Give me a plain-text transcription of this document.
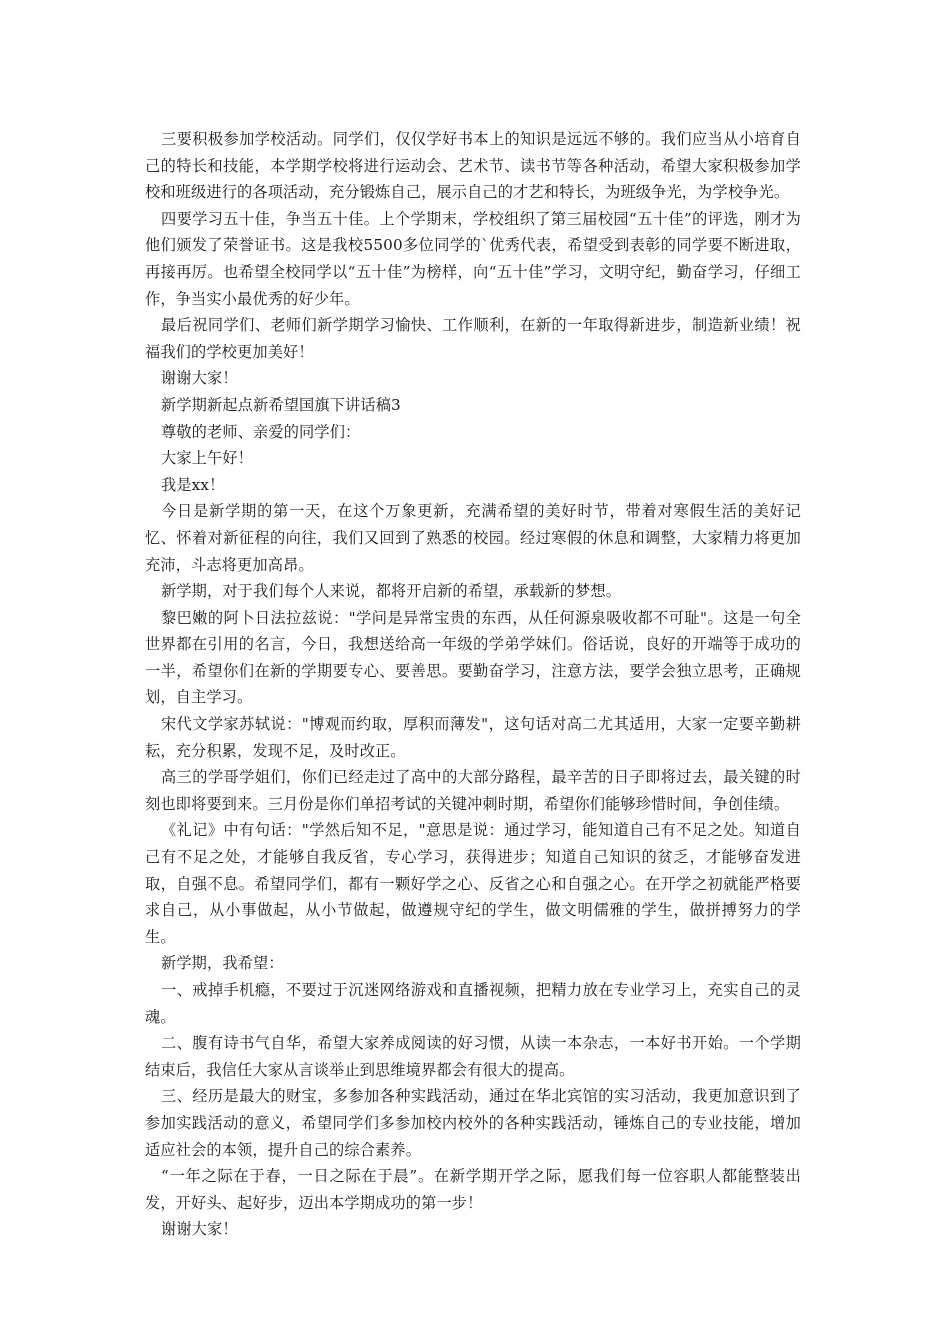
三要积极参加学校活动。同学们，仅仅学好书本上的知识是远远不够的。我们应当从小培育自己的特长和技能，本学期学校将进行运动会、艺术节、读书节等各种活动，希望大家积极参加学校和班级进行的各项活动，充分锻炼自己，展示自己的才艺和特长，为班级争光，为学校争光。

四要学习五十佳，争当五十佳。上个学期末，学校组织了第三届校园“五十佳”的评选，刚才为他们颁发了荣誉证书。这是我校5500多位同学的`优秀代表，希望受到表彰的同学要不断进取，再接再厉。也希望全校同学以“五十佳”为榜样，向“五十佳”学习，文明守纪，勤奋学习，仔细工作，争当实小最优秀的好少年。

最后祝同学们、老师们新学期学习愉快、工作顺利，在新的一年取得新进步，制造新业绩！祝福我们的学校更加美好！

谢谢大家！

新学期新起点新希望国旗下讲话稿3

尊敬的老师、亲爱的同学们：

大家上午好！

我是xx！

今日是新学期的第一天，在这个万象更新，充满希望的美好时节，带着对寒假生活的美好记忆、怀着对新征程的向往，我们又回到了熟悉的校园。经过寒假的休息和调整，大家精力将更加充沛，斗志将更加高昂。

新学期，对于我们每个人来说，都将开启新的希望，承载新的梦想。

黎巴嫩的阿卜日法拉兹说："学问是异常宝贵的东西，从任何源泉吸收都不可耻"。这是一句全世界都在引用的名言，今日，我想送给高一年级的学弟学妹们。俗话说，良好的开端等于成功的一半，希望你们在新的学期要专心、要善思。要勤奋学习，注意方法，要学会独立思考，正确规划，自主学习。

宋代文学家苏轼说："博观而约取，厚积而薄发"，这句话对高二尤其适用，大家一定要辛勤耕耘，充分积累，发现不足，及时改正。

高三的学哥学姐们，你们已经走过了高中的大部分路程，最辛苦的日子即将过去，最关键的时刻也即将要到来。三月份是你们单招考试的关键冲刺时期，希望你们能够珍惜时间，争创佳绩。

《礼记》中有句话："学然后知不足，"意思是说：通过学习，能知道自己有不足之处。知道自己有不足之处，才能够自我反省，专心学习，获得进步；知道自己知识的贫乏，才能够奋发进取，自强不息。希望同学们，都有一颗好学之心、反省之心和自强之心。在开学之初就能严格要求自己，从小事做起，从小节做起，做遵规守纪的学生，做文明儒雅的学生，做拼搏努力的学生。

新学期，我希望：

一、戒掉手机瘾，不要过于沉迷网络游戏和直播视频，把精力放在专业学习上，充实自己的灵魂。

二、腹有诗书气自华，希望大家养成阅读的好习惯，从读一本杂志，一本好书开始。一个学期结束后，我信任大家从言谈举止到思维境界都会有很大的提高。

三、经历是最大的财宝，多参加各种实践活动，通过在华北宾馆的实习活动，我更加意识到了参加实践活动的意义，希望同学们多参加校内校外的各种实践活动，锤炼自己的专业技能，增加适应社会的本领，提升自己的综合素养。

“一年之际在于春，一日之际在于晨”。在新学期开学之际，愿我们每一位容职人都能整装出发，开好头、起好步，迈出本学期成功的第一步！

谢谢大家！
